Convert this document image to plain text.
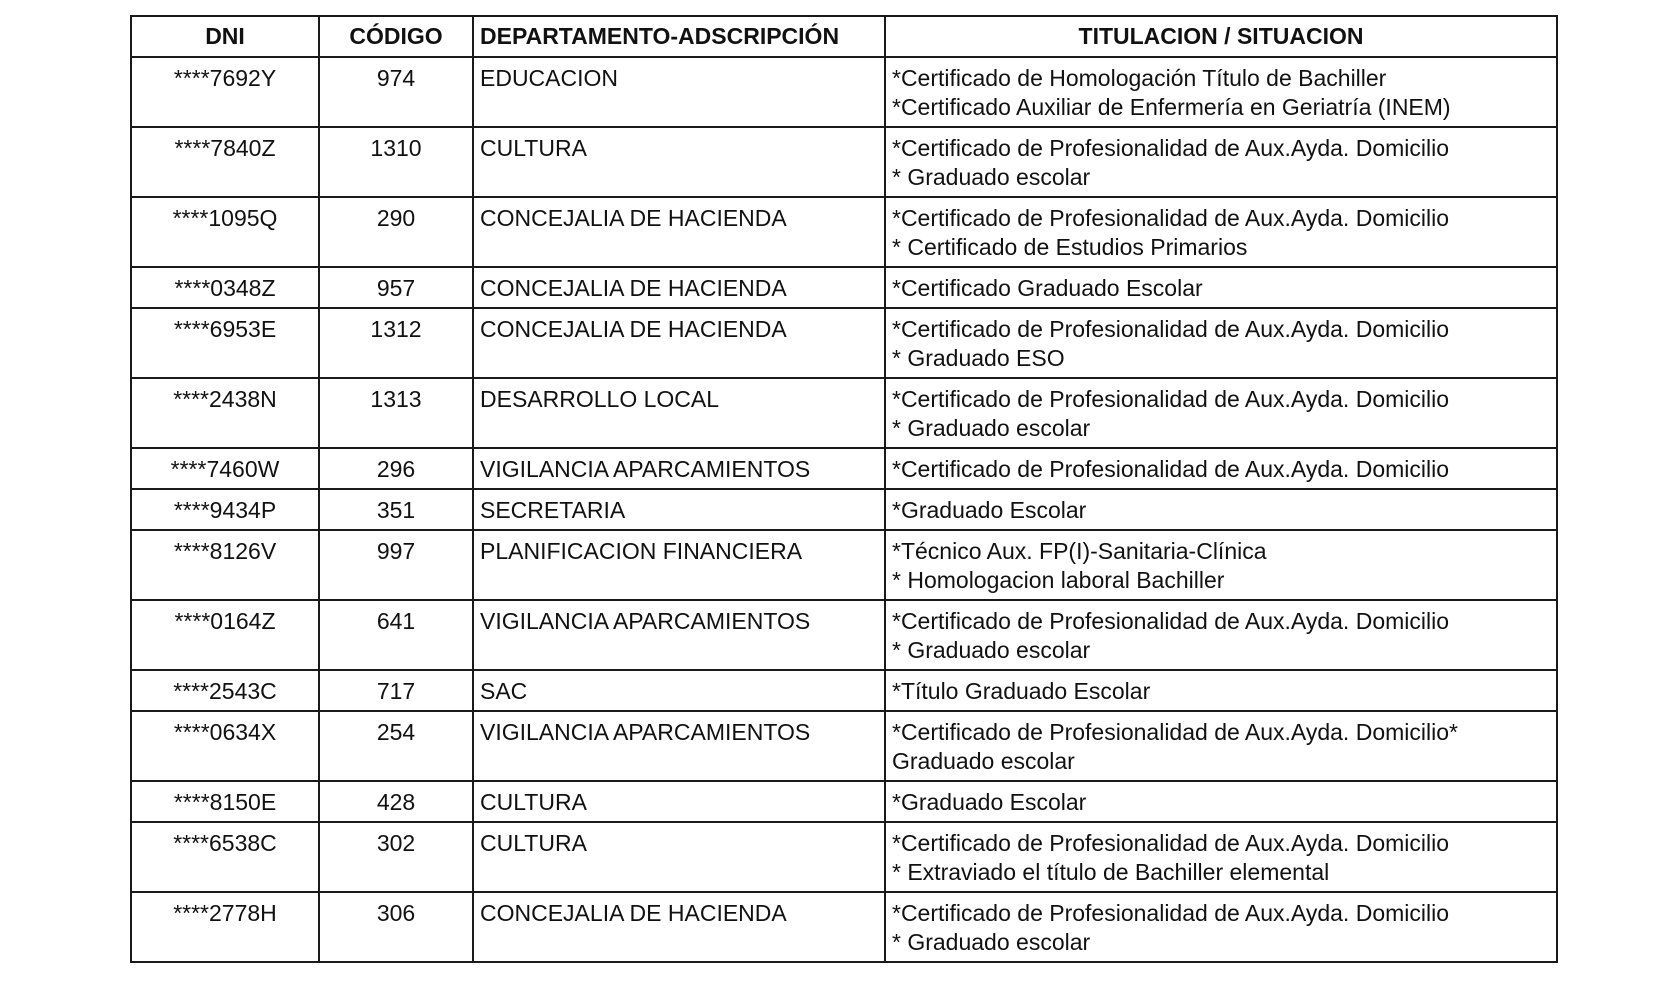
DNI	CÓDIGO	DEPARTAMENTO-ADSCRIPCIÓN	TITULACION / SITUACION
****7692Y	974	EDUCACION	*Certificado de Homologación Título de Bachiller
*Certificado Auxiliar de Enfermería en Geriatría (INEM)

****7840Z	1310	CULTURA	*Certificado de Profesionalidad de Aux.Ayda. Domicilio
* Graduado escolar

****1095Q	290	CONCEJALIA DE HACIENDA	*Certificado de Profesionalidad de Aux.Ayda. Domicilio
* Certificado de Estudios Primarios

****0348Z	957	CONCEJALIA DE HACIENDA	*Certificado Graduado Escolar

****6953E	1312	CONCEJALIA DE HACIENDA	*Certificado de Profesionalidad de Aux.Ayda. Domicilio
* Graduado ESO

****2438N	1313	DESARROLLO LOCAL	*Certificado de Profesionalidad de Aux.Ayda. Domicilio
* Graduado escolar

****7460W	296	VIGILANCIA APARCAMIENTOS	*Certificado de Profesionalidad de Aux.Ayda. Domicilio

****9434P	351	SECRETARIA	*Graduado Escolar

****8126V	997	PLANIFICACION FINANCIERA	*Técnico Aux. FP(I)-Sanitaria-Clínica
* Homologacion laboral Bachiller

****0164Z	641	VIGILANCIA APARCAMIENTOS	*Certificado de Profesionalidad de Aux.Ayda. Domicilio
* Graduado escolar

****2543C	717	SAC	*Título Graduado Escolar

****0634X	254	VIGILANCIA APARCAMIENTOS	*Certificado de Profesionalidad de Aux.Ayda. Domicilio*
Graduado escolar

****8150E	428	CULTURA	*Graduado Escolar

****6538C	302	CULTURA	*Certificado de Profesionalidad de Aux.Ayda. Domicilio
* Extraviado el título de Bachiller elemental

****2778H	306	CONCEJALIA DE HACIENDA	*Certificado de Profesionalidad de Aux.Ayda. Domicilio
* Graduado escolar
